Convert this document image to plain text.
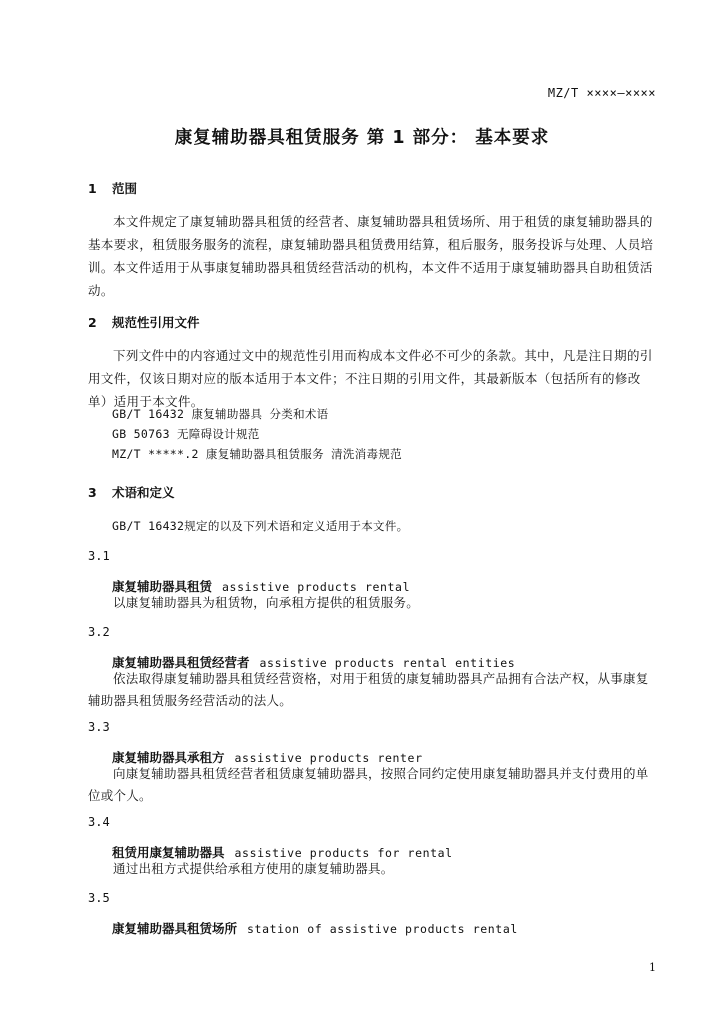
MZ/T ××××—××××
康复辅助器具租赁服务 第 1 部分： 基本要求
1 范围
本文件规定了康复辅助器具租赁的经营者、康复辅助器具租赁场所、用于租赁的康复辅助器具的基本要求，租赁服务服务的流程，康复辅助器具租赁费用结算，租后服务，服务投诉与处理、人员培训。 本文件适用于从事康复辅助器具租赁经营活动的机构，本文件不适用于康复辅助器具自助租赁活动。
2 规范性引用文件
下列文件中的内容通过文中的规范性引用而构成本文件必不可少的条款。其中，凡是注日期的引用文件，仅该日期对应的版本适用于本文件；不注日期的引用文件，其最新版本（包括所有的修改单）适用于本文件。
GB/T 16432 康复辅助器具 分类和术语
GB 50763 无障碍设计规范
MZ/T *****.2 康复辅助器具租赁服务 清洗消毒规范
3 术语和定义
GB/T 16432规定的以及下列术语和定义适用于本文件。
3.1
康复辅助器具租赁 assistive products rental
以康复辅助器具为租赁物，向承租方提供的租赁服务。
3.2
康复辅助器具租赁经营者 assistive products rental entities
依法取得康复辅助器具租赁经营资格，对用于租赁的康复辅助器具产品拥有合法产权，从事康复辅助器具租赁服务经营活动的法人。
3.3
康复辅助器具承租方 assistive products renter
向康复辅助器具租赁经营者租赁康复辅助器具，按照合同约定使用康复辅助器具并支付费用的单位或个人。
3.4
租赁用康复辅助器具 assistive products for rental
通过出租方式提供给承租方使用的康复辅助器具。
3.5
康复辅助器具租赁场所 station of assistive products rental
1
